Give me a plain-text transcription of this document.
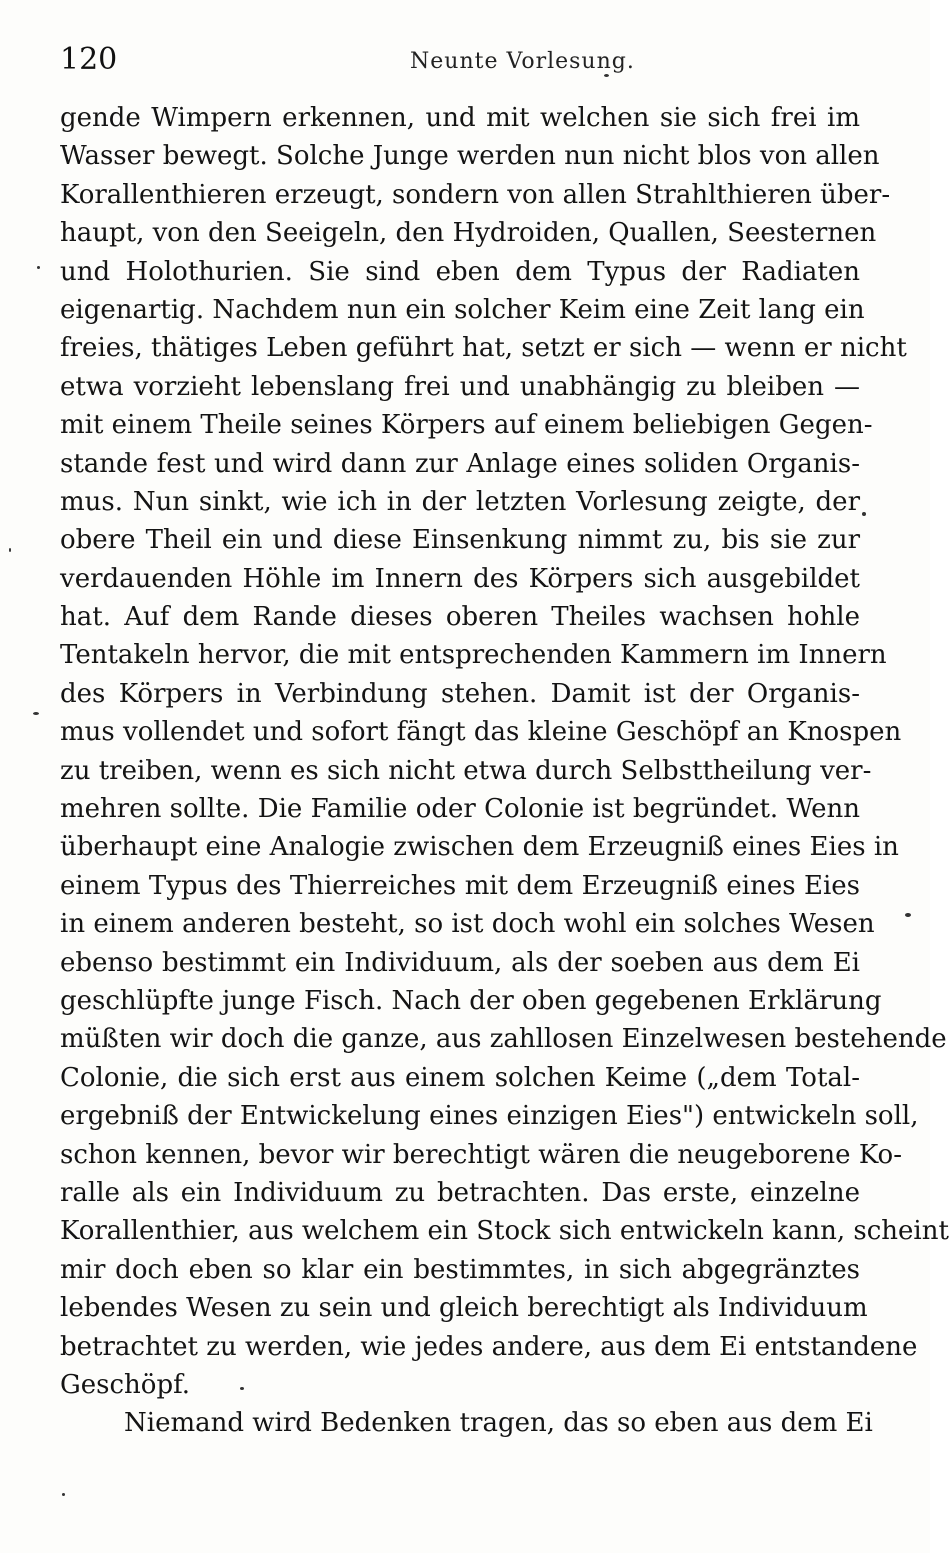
120	Neunte Vorlesung.
gende Wimpern erkennen, und mit welchen sie sich frei im
Wasser bewegt. Solche Junge werden nun nicht blos von allen
Korallenthieren erzeugt, sondern von allen Strahlthieren über-
haupt, von den Seeigeln, den Hydroiden, Quallen, Seesternen
und Holothurien. Sie sind eben dem Typus der Radiaten
eigenartig. Nachdem nun ein solcher Keim eine Zeit lang ein
freies, thätiges Leben geführt hat, setzt er sich — wenn er nicht
etwa vorzieht lebenslang frei und unabhängig zu bleiben —
mit einem Theile seines Körpers auf einem beliebigen Gegen-
stande fest und wird dann zur Anlage eines soliden Organis-
mus. Nun sinkt, wie ich in der letzten Vorlesung zeigte, der
obere Theil ein und diese Einsenkung nimmt zu, bis sie zur
verdauenden Höhle im Innern des Körpers sich ausgebildet
hat. Auf dem Rande dieses oberen Theiles wachsen hohle
Tentakeln hervor, die mit entsprechenden Kammern im Innern
des Körpers in Verbindung stehen. Damit ist der Organis-
mus vollendet und sofort fängt das kleine Geschöpf an Knospen
zu treiben, wenn es sich nicht etwa durch Selbsttheilung ver-
mehren sollte. Die Familie oder Colonie ist begründet. Wenn
überhaupt eine Analogie zwischen dem Erzeugniß eines Eies in
einem Typus des Thierreiches mit dem Erzeugniß eines Eies
in einem anderen besteht, so ist doch wohl ein solches Wesen
ebenso bestimmt ein Individuum, als der soeben aus dem Ei
geschlüpfte junge Fisch. Nach der oben gegebenen Erklärung
müßten wir doch die ganze, aus zahllosen Einzelwesen bestehende
Colonie, die sich erst aus einem solchen Keime („dem Total-
ergebniß der Entwickelung eines einzigen Eies") entwickeln soll,
schon kennen, bevor wir berechtigt wären die neugeborene Ko-
ralle als ein Individuum zu betrachten. Das erste, einzelne
Korallenthier, aus welchem ein Stock sich entwickeln kann, scheint
mir doch eben so klar ein bestimmtes, in sich abgegränztes
lebendes Wesen zu sein und gleich berechtigt als Individuum
betrachtet zu werden, wie jedes andere, aus dem Ei entstandene
Geschöpf.
Niemand wird Bedenken tragen, das so eben aus dem Ei
